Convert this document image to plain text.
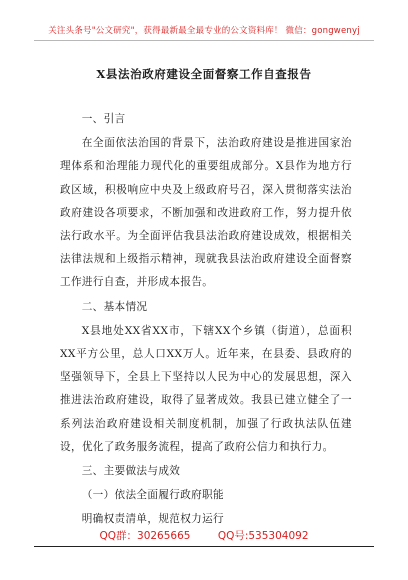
关注头条号"公文研究"，获得最新最全最专业的公文资料库！ 微信：gongwenyj
X县法治政府建设全面督察工作自查报告

一、引言

在全面依法治国的背景下，法治政府建设是推进国家治理体系和治理能力现代化的重要组成部分。X县作为地方行政区域，积极响应中央及上级政府号召，深入贯彻落实法治政府建设各项要求，不断加强和改进政府工作，努力提升依法行政水平。为全面评估我县法治政府建设成效，根据相关法律法规和上级指示精神，现就我县法治政府建设全面督察工作进行自查，并形成本报告。

二、基本情况

X县地处XX省XX市，下辖XX个乡镇（街道），总面积XX平方公里，总人口XX万人。近年来，在县委、县政府的坚强领导下，全县上下坚持以人民为中心的发展思想，深入推进法治政府建设，取得了显著成效。我县已建立健全了一系列法治政府建设相关制度机制，加强了行政执法队伍建设，优化了政务服务流程，提高了政府公信力和执行力。

三、主要做法与成效

（一）依法全面履行政府职能

明确权责清单，规范权力运行

QQ群：30265665	QQ号:535304092
